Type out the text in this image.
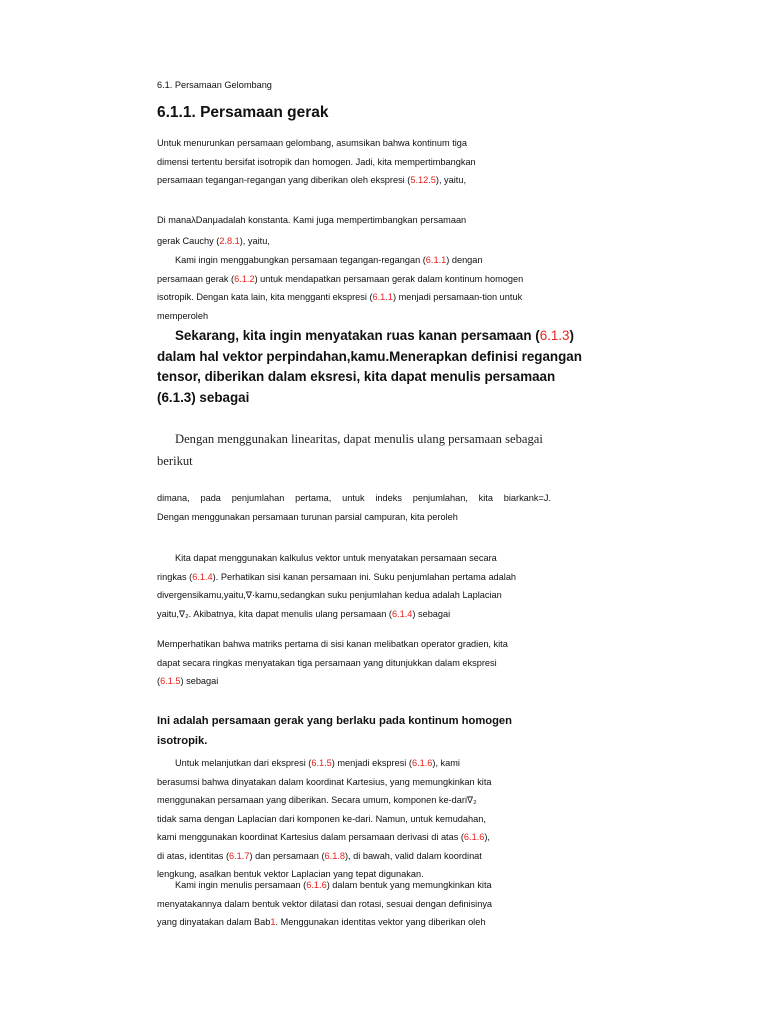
6.1. Persamaan Gelombang
6.1.1. Persamaan gerak
Untuk menurunkan persamaan gelombang, asumsikan bahwa kontinum tiga
dimensi tertentu bersifat isotropik dan homogen. Jadi, kita mempertimbangkan
persamaan tegangan-regangan yang diberikan oleh ekspresi (5.12.5), yaitu,
Di manaλDanμadalah konstanta. Kami juga mempertimbangkan persamaan
gerak Cauchy (2.8.1), yaitu,
Kami ingin menggabungkan persamaan tegangan-regangan (6.1.1) dengan
persamaan gerak (6.1.2) untuk mendapatkan persamaan gerak dalam kontinum homogen
isotropik. Dengan kata lain, kita mengganti ekspresi (6.1.1) menjadi persamaan-tion untuk
memperoleh
Sekarang, kita ingin menyatakan ruas kanan persamaan (6.1.3)
dalam hal vektor perpindahan,kamu.Menerapkan definisi regangan
tensor, diberikan dalam eksresi, kita dapat menulis persamaan
(6.1.3) sebagai
Dengan menggunakan linearitas, dapat menulis ulang persamaan sebagai
berikut
dimana, pada penjumlahan pertama, untuk indeks penjumlahan, kita biarkank=J.
Dengan menggunakan persamaan turunan parsial campuran, kita peroleh
Kita dapat menggunakan kalkulus vektor untuk menyatakan persamaan secara
ringkas (6.1.4). Perhatikan sisi kanan persamaan ini. Suku penjumlahan pertama adalah
divergensikamu,yaitu,∇·kamu,sedangkan suku penjumlahan kedua adalah Laplacian
yaitu,∇₂. Akibatnya, kita dapat menulis ulang persamaan (6.1.4) sebagai
Memperhatikan bahwa matriks pertama di sisi kanan melibatkan operator gradien, kita
dapat secara ringkas menyatakan tiga persamaan yang ditunjukkan dalam ekspresi
(6.1.5) sebagai
Ini adalah persamaan gerak yang berlaku pada kontinum homogen
isotropik.
Untuk melanjutkan dari ekspresi (6.1.5) menjadi ekspresi (6.1.6), kami
berasumsi bahwa dinyatakan dalam koordinat Kartesius, yang memungkinkan kita
menggunakan persamaan yang diberikan. Secara umum, komponen ke-dari∇₂
tidak sama dengan Laplacian dari komponen ke-dari. Namun, untuk kemudahan,
kami menggunakan koordinat Kartesius dalam persamaan derivasi di atas (6.1.6),
di atas, identitas (6.1.7) dan persamaan (6.1.8), di bawah, valid dalam koordinat
lengkung, asalkan bentuk vektor Laplacian yang tepat digunakan.
Kami ingin menulis persamaan (6.1.6) dalam bentuk yang memungkinkan kita
menyatakannya dalam bentuk vektor dilatasi dan rotasi, sesuai dengan definisinya
yang dinyatakan dalam Bab1. Menggunakan identitas vektor yang diberikan oleh
